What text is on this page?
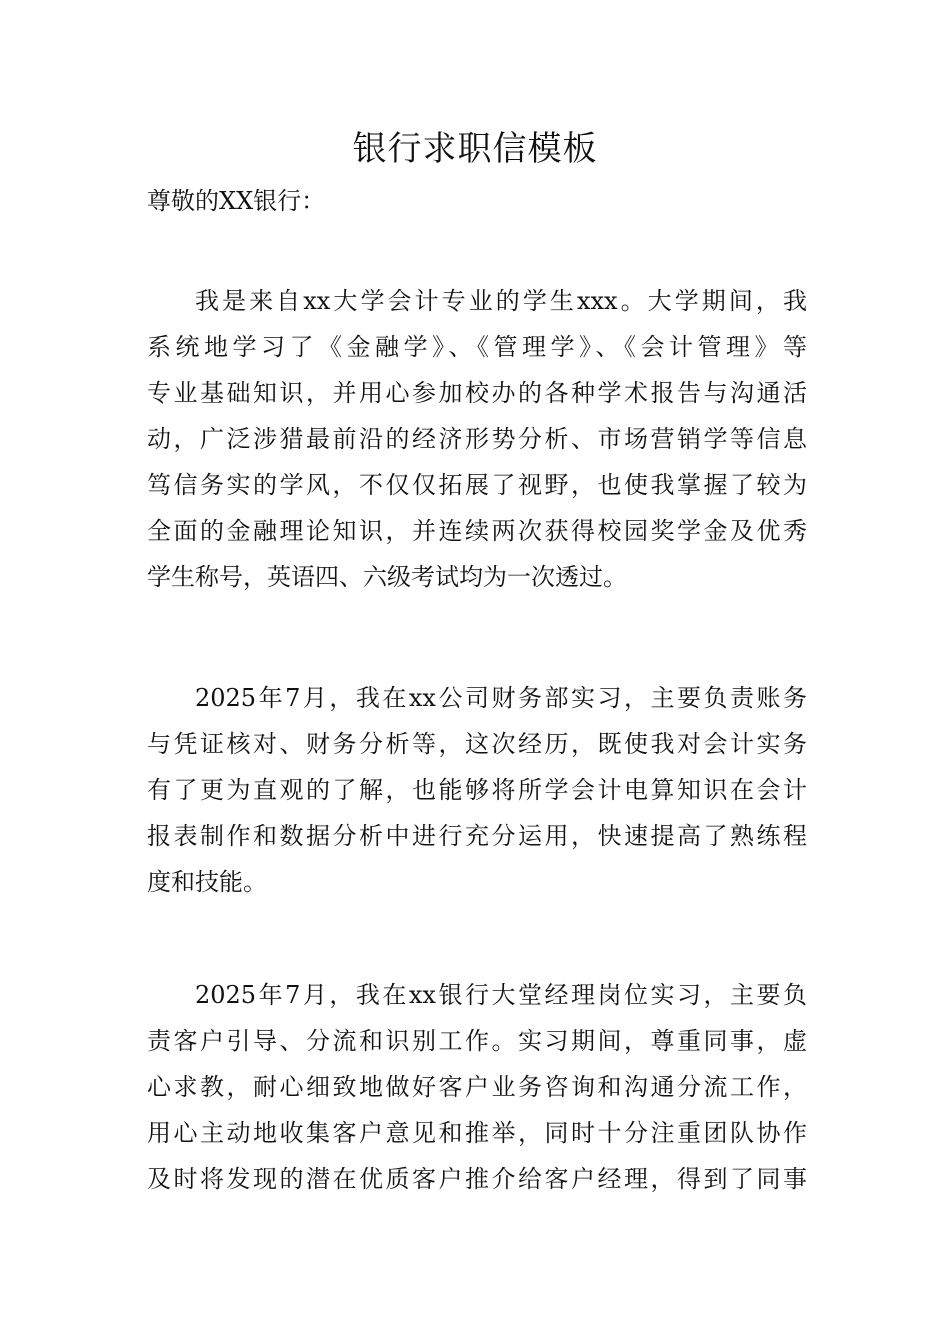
银行求职信模板

尊敬的XX银行：

我是来自xx大学会计专业的学生xxx。大学期间，我
系统地学习了《金融学》、《管理学》、《会计管理》等
专业基础知识，并用心参加校办的各种学术报告与沟通活
动，广泛涉猎最前沿的经济形势分析、市场营销学等信息
笃信务实的学风，不仅仅拓展了视野，也使我掌握了较为
全面的金融理论知识，并连续两次获得校园奖学金及优秀
学生称号，英语四、六级考试均为一次透过。
2025年7月，我在xx公司财务部实习，主要负责账务
与凭证核对、财务分析等，这次经历，既使我对会计实务
有了更为直观的了解，也能够将所学会计电算知识在会计
报表制作和数据分析中进行充分运用，快速提高了熟练程
度和技能。
2025年7月，我在xx银行大堂经理岗位实习，主要负
责客户引导、分流和识别工作。实习期间，尊重同事，虚
心求教，耐心细致地做好客户业务咨询和沟通分流工作，
用心主动地收集客户意见和推举，同时十分注重团队协作
及时将发现的潜在优质客户推介给客户经理，得到了同事
